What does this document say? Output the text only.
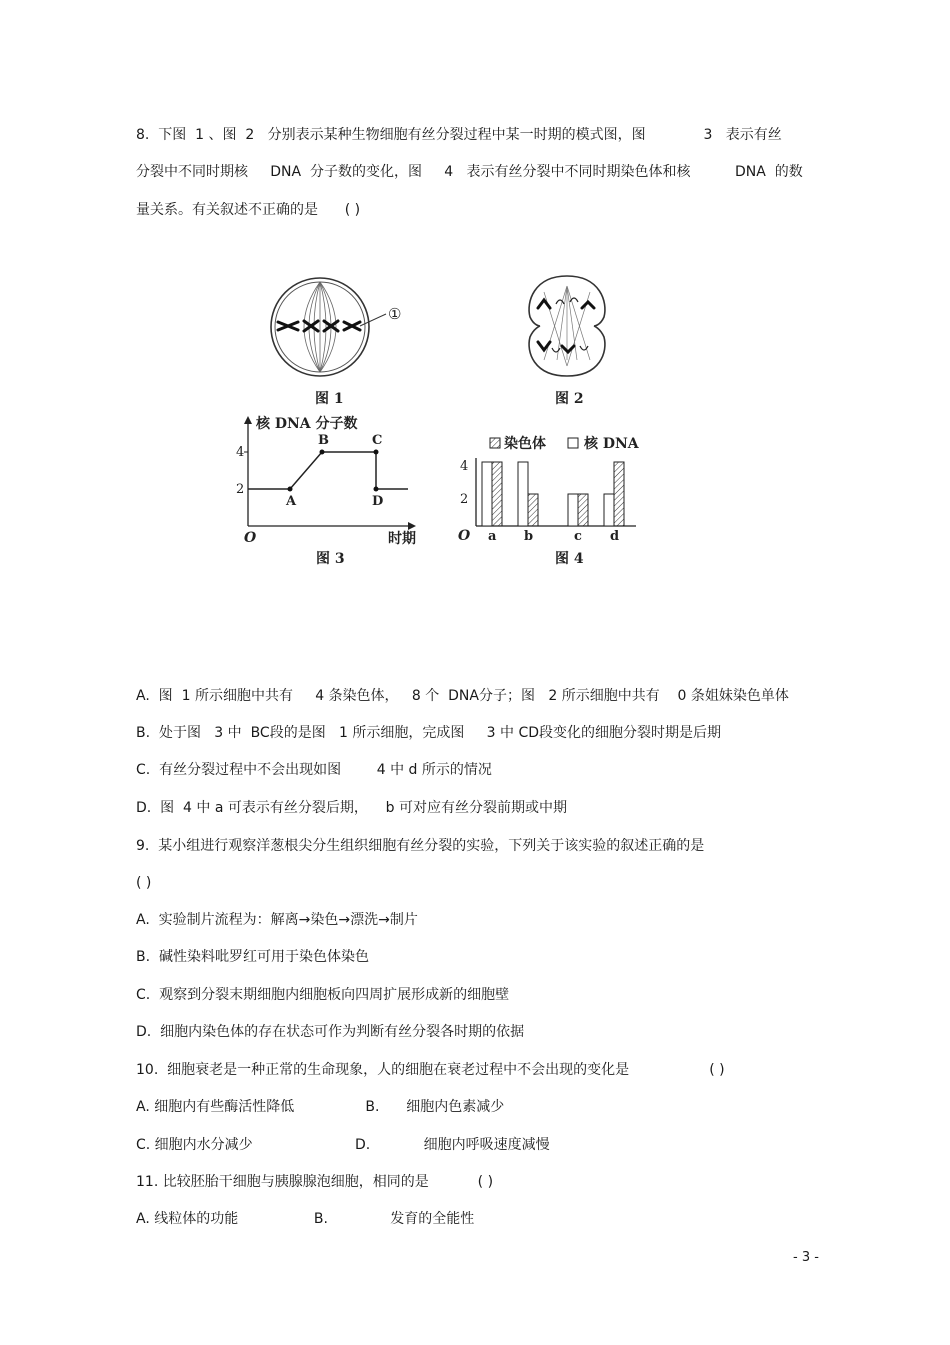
8.  下图  1 、图  2   分别表示某种生物细胞有丝分裂过程中某一时期的模式图，图             3   表示有丝
分裂中不同时期核     DNA  分子数的变化，图     4   表示有丝分裂中不同时期染色体和核          DNA  的数
量关系。有关叙述不正确的是      ( )
①
图 1	图 2
核 DNA 分子数
时期
O
4
2
A
B	C
D
图 3
染色体	核 DNA
4
2
O a b	c d
图 4
A.  图  1 所示细胞中共有     4 条染色体，   8 个  DNA分子；图   2 所示细胞中共有    0 条姐妹染色单体
B.  处于图   3 中  BC段的是图   1 所示细胞，完成图     3 中 CD段变化的细胞分裂时期是后期
C.  有丝分裂过程中不会出现如图        4 中 d 所示的情况
D.  图  4 中 a 可表示有丝分裂后期，    b 可对应有丝分裂前期或中期
9.  某小组进行观察洋葱根尖分生组织细胞有丝分裂的实验，下列关于该实验的叙述正确的是
( )
A.  实验制片流程为：解离→染色→漂洗→制片
B.  碱性染料吡罗红可用于染色体染色
C.  观察到分裂末期细胞内细胞板向四周扩展形成新的细胞壁
D.  细胞内染色体的存在状态可作为判断有丝分裂各时期的依据
10.  细胞衰老是一种正常的生命现象，人的细胞在衰老过程中不会出现的变化是                  ( )
A. 细胞内有些酶活性降低                B.      细胞内色素减少
C. 细胞内水分减少                       D.            细胞内呼吸速度减慢
11. 比较胚胎干细胞与胰腺腺泡细胞，相同的是           ( )
A. 线粒体的功能                 B.              发育的全能性
- 3 -
